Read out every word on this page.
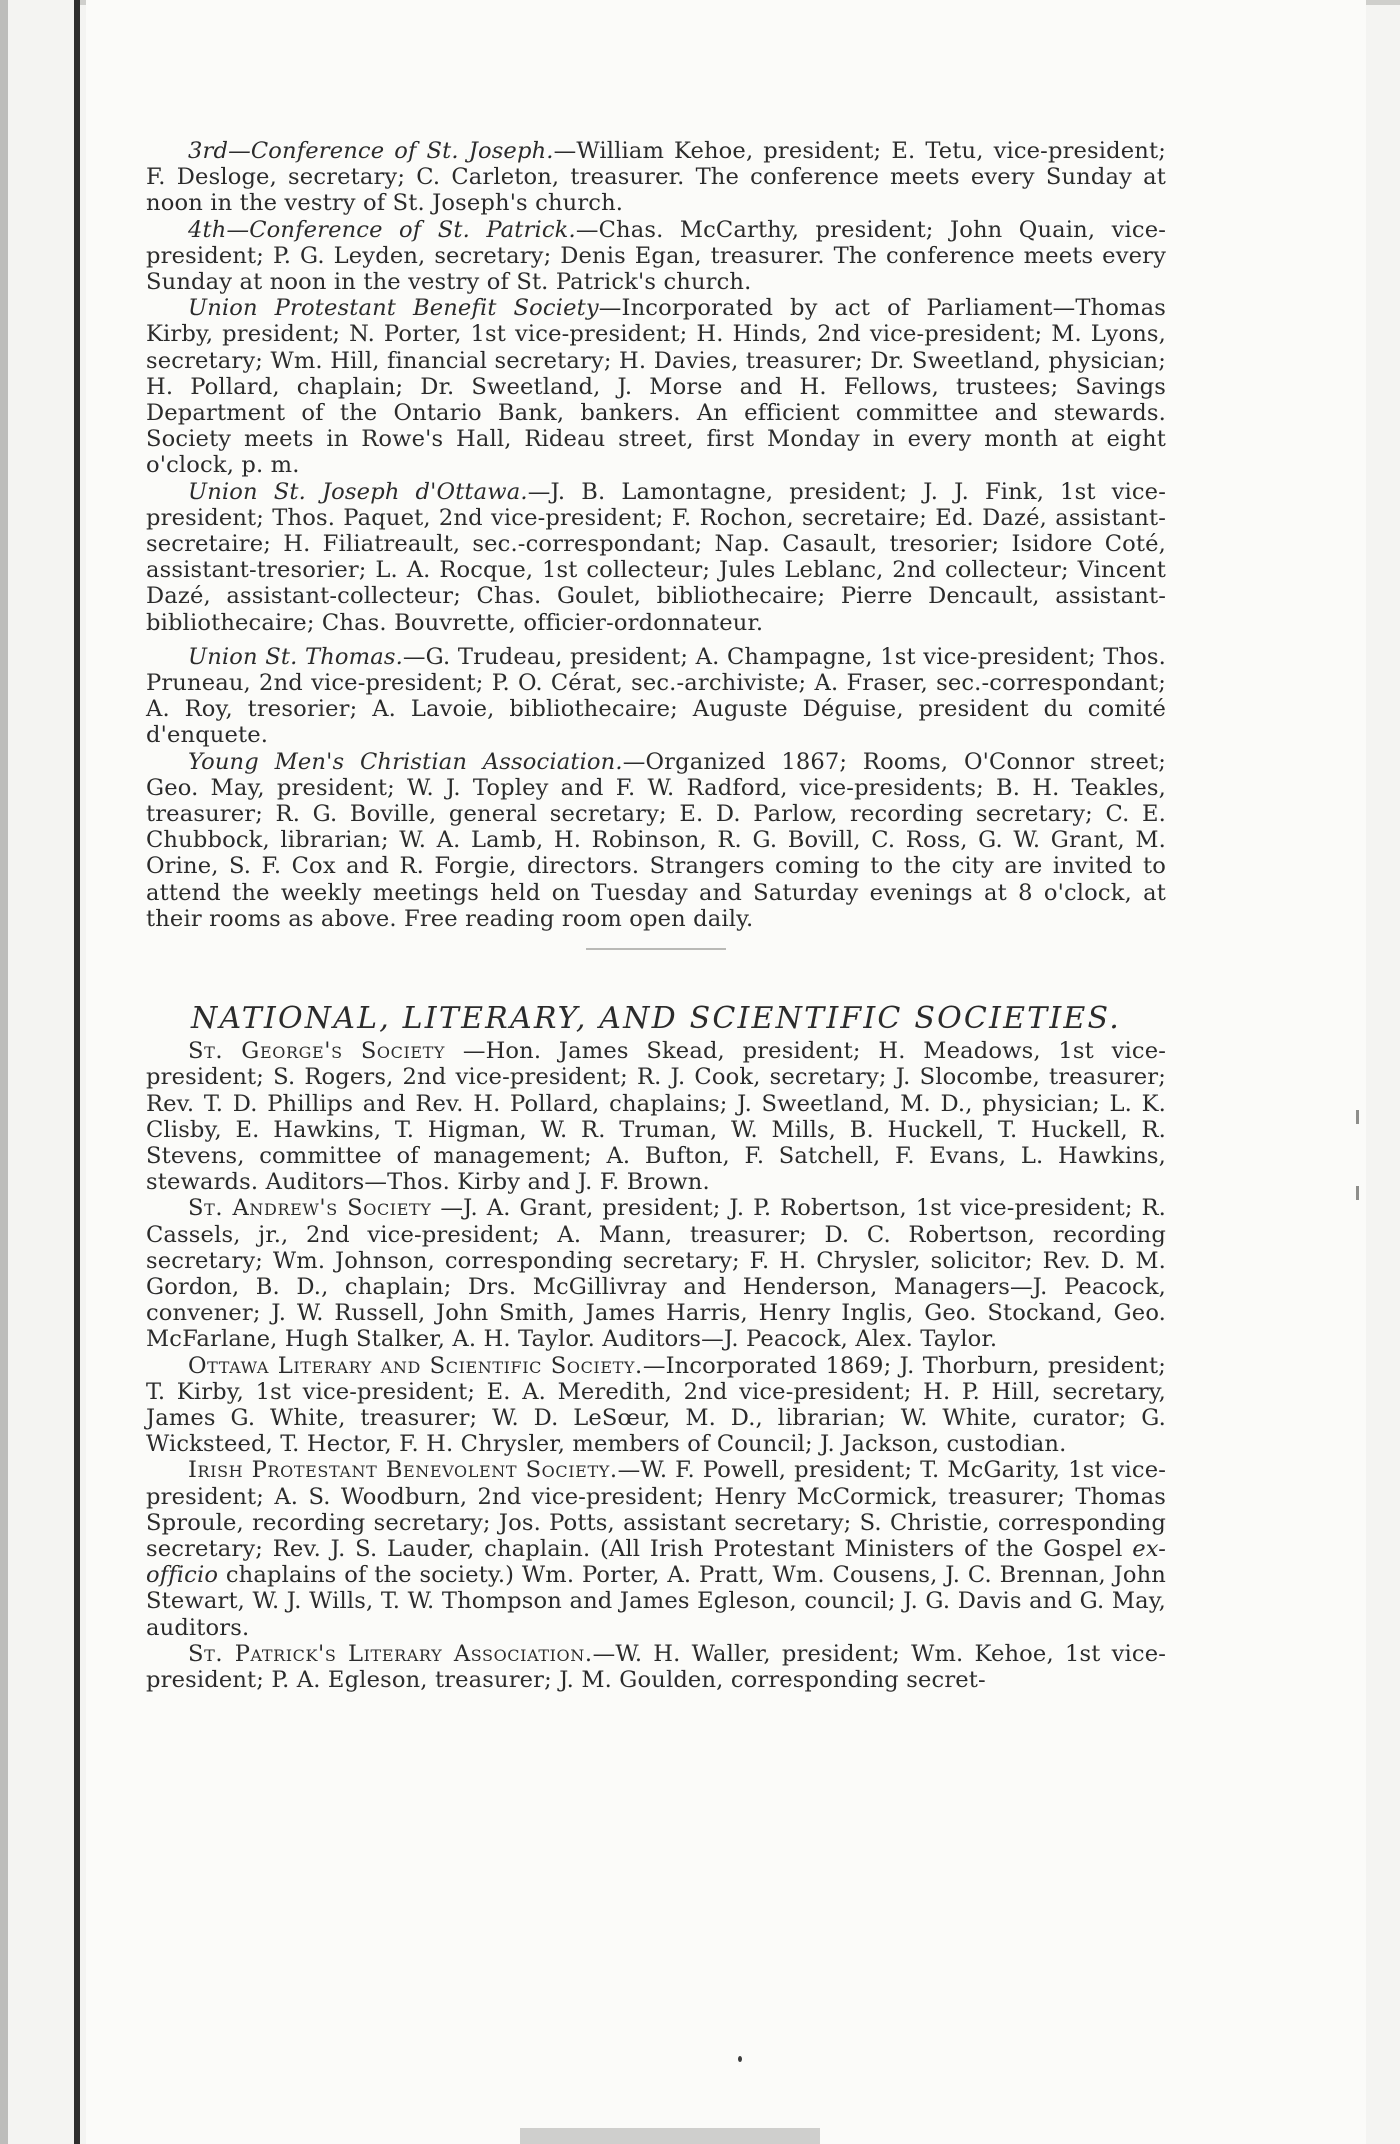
3rd—Conference of St. Joseph.—William Kehoe, president; E. Tetu, vice-president; F. Desloge, secretary; C. Carleton, treasurer. The conference meets every Sunday at noon in the vestry of St. Joseph's church.

4th—Conference of St. Patrick.—Chas. McCarthy, president; John Quain, vice-president; P. G. Leyden, secretary; Denis Egan, treasurer. The conference meets every Sunday at noon in the vestry of St. Patrick's church.

Union Protestant Benefit Society—Incorporated by act of Parliament—Thomas Kirby, president; N. Porter, 1st vice-president; H. Hinds, 2nd vice-president; M. Lyons, secretary; Wm. Hill, financial secretary; H. Davies, treasurer; Dr. Sweetland, physician; H. Pollard, chaplain; Dr. Sweetland, J. Morse and H. Fellows, trustees; Savings Department of the Ontario Bank, bankers. An efficient committee and stewards. Society meets in Rowe's Hall, Rideau street, first Monday in every month at eight o'clock, p. m.

Union St. Joseph d'Ottawa.—J. B. Lamontagne, president; J. J. Fink, 1st vice-president; Thos. Paquet, 2nd vice-president; F. Rochon, secretaire; Ed. Dazé, assistant-secretaire; H. Filiatreault, sec.-correspondant; Nap. Casault, tresorier; Isidore Coté, assistant-tresorier; L. A. Rocque, 1st collecteur; Jules Leblanc, 2nd collecteur; Vincent Dazé, assistant-collecteur; Chas. Goulet, bibliothecaire; Pierre Dencault, assistant-bibliothecaire; Chas. Bouvrette, officier-ordonnateur.

Union St. Thomas.—G. Trudeau, president; A. Champagne, 1st vice-president; Thos. Pruneau, 2nd vice-president; P. O. Cérat, sec.-archiviste; A. Fraser, sec.-correspondant; A. Roy, tresorier; A. Lavoie, bibliothecaire; Auguste Déguise, president du comité d'enquete.

Young Men's Christian Association.—Organized 1867; Rooms, O'Connor street; Geo. May, president; W. J. Topley and F. W. Radford, vice-presidents; B. H. Teakles, treasurer; R. G. Boville, general secretary; E. D. Parlow, recording secretary; C. E. Chubbock, librarian; W. A. Lamb, H. Robinson, R. G. Bovill, C. Ross, G. W. Grant, M. Orine, S. F. Cox and R. Forgie, directors. Strangers coming to the city are invited to attend the weekly meetings held on Tuesday and Saturday evenings at 8 o'clock, at their rooms as above. Free reading room open daily.

NATIONAL, LITERARY, AND SCIENTIFIC SOCIETIES.

St. George's Society —Hon. James Skead, president; H. Meadows, 1st vice-president; S. Rogers, 2nd vice-president; R. J. Cook, secretary; J. Slocombe, treasurer; Rev. T. D. Phillips and Rev. H. Pollard, chaplains; J. Sweetland, M. D., physician; L. K. Clisby, E. Hawkins, T. Higman, W. R. Truman, W. Mills, B. Huckell, T. Huckell, R. Stevens, committee of management; A. Bufton, F. Satchell, F. Evans, L. Hawkins, stewards. Auditors—Thos. Kirby and J. F. Brown.

St. Andrew's Society —J. A. Grant, president; J. P. Robertson, 1st vice-president; R. Cassels, jr., 2nd vice-president; A. Mann, treasurer; D. C. Robertson, recording secretary; Wm. Johnson, corresponding secretary; F. H. Chrysler, solicitor; Rev. D. M. Gordon, B. D., chaplain; Drs. McGillivray and Henderson, Managers—J. Peacock, convener; J. W. Russell, John Smith, James Harris, Henry Inglis, Geo. Stockand, Geo. McFarlane, Hugh Stalker, A. H. Taylor. Auditors—J. Peacock, Alex. Taylor.

Ottawa Literary and Scientific Society.—Incorporated 1869; J. Thorburn, president; T. Kirby, 1st vice-president; E. A. Meredith, 2nd vice-president; H. P. Hill, secretary, James G. White, treasurer; W. D. LeSœur, M. D., librarian; W. White, curator; G. Wicksteed, T. Hector, F. H. Chrysler, members of Council; J. Jackson, custodian.

Irish Protestant Benevolent Society.—W. F. Powell, president; T. McGarity, 1st vice-president; A. S. Woodburn, 2nd vice-president; Henry McCormick, treasurer; Thomas Sproule, recording secretary; Jos. Potts, assistant secretary; S. Christie, corresponding secretary; Rev. J. S. Lauder, chaplain. (All Irish Protestant Ministers of the Gospel ex-officio chaplains of the society.) Wm. Porter, A. Pratt, Wm. Cousens, J. C. Brennan, John Stewart, W. J. Wills, T. W. Thompson and James Egleson, council; J. G. Davis and G. May, auditors.

St. Patrick's Literary Association.—W. H. Waller, president; Wm. Kehoe, 1st vice-president; P. A. Egleson, treasurer; J. M. Goulden, corresponding secret-
